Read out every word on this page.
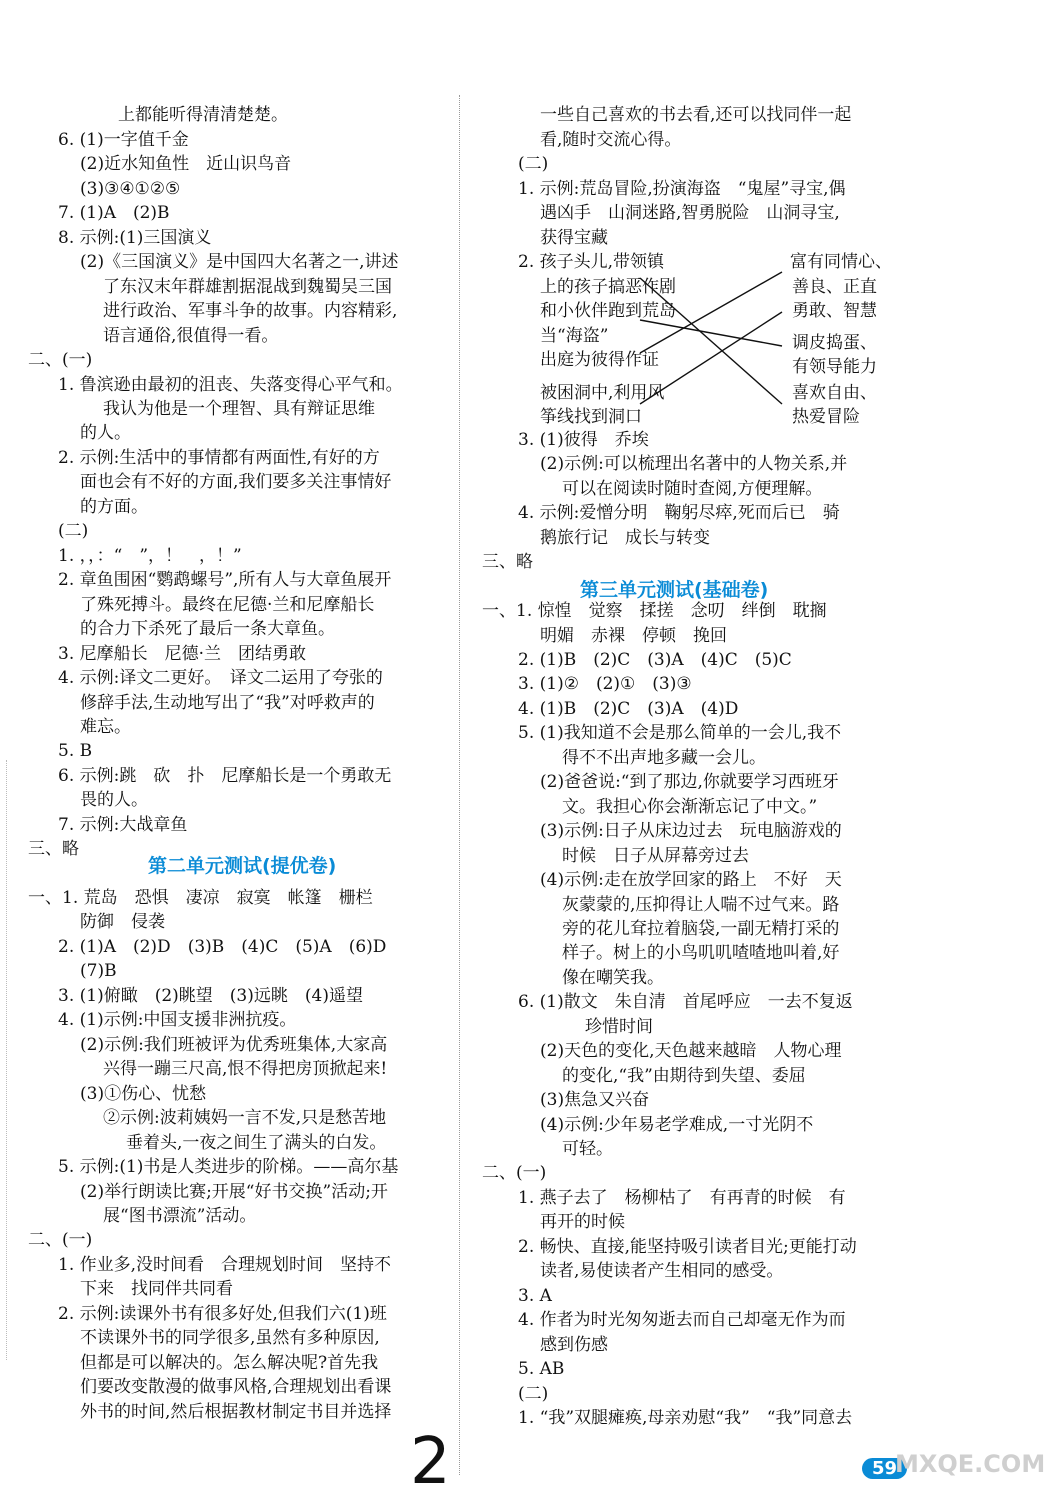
第二单元测试(提优卷)
上都能听得清清楚楚。
6. (1)一字值千金
(2)近水知鱼性　近山识鸟音
(3)③④①②⑤
7. (1)A　(2)B
8. 示例:(1)三国演义
(2)《三国演义》是中国四大名著之一,讲述
了东汉末年群雄割据混战到魏蜀吴三国
进行政治、军事斗争的故事。内容精彩,
语言通俗,很值得一看。
二、(一)
1. 鲁滨逊由最初的沮丧、失落变得心平气和。
我认为他是一个理智、具有辩证思维
的人。
2. 示例:生活中的事情都有两面性,有好的方
面也会有不好的方面,我们要多关注事情好
的方面。
(二)
1. ，，：“　”，！　，！”
2. 章鱼围困“鹦鹉螺号”,所有人与大章鱼展开
了殊死搏斗。最终在尼德·兰和尼摩船长
的合力下杀死了最后一条大章鱼。
3. 尼摩船长　尼德·兰　团结勇敢
4. 示例:译文二更好。　译文二运用了夸张的
修辞手法,生动地写出了“我”对呼救声的
难忘。
5. B
6. 示例:跳　砍　扑　尼摩船长是一个勇敢无
畏的人。
7. 示例:大战章鱼
三、略
一、1. 荒岛　恐惧　凄凉　寂寞　帐篷　栅栏
防御　侵袭
2. (1)A　(2)D　(3)B　(4)C　(5)A　(6)D
(7)B
3. (1)俯瞰　(2)眺望　(3)远眺　(4)遥望
4. (1)示例:中国支援非洲抗疫。
(2)示例:我们班被评为优秀班集体,大家高
兴得一蹦三尺高,恨不得把房顶掀起来!
(3)①伤心、忧愁
②示例:波莉姨妈一言不发,只是愁苦地
垂着头,一夜之间生了满头的白发。
5. 示例:(1)书是人类进步的阶梯。——高尔基
(2)举行朗读比赛;开展“好书交换”活动;开
展“图书漂流”活动。
二、(一)
1. 作业多,没时间看　合理规划时间　坚持不
下来　找同伴共同看
2. 示例:读课外书有很多好处,但我们六(1)班
不读课外书的同学很多,虽然有多种原因,
但都是可以解决的。怎么解决呢?首先我
们要改变散漫的做事风格,合理规划出看课
外书的时间,然后根据教材制定书目并选择
第三单元测试(基础卷)
一些自己喜欢的书去看,还可以找同伴一起
看,随时交流心得。
(二)
1. 示例:荒岛冒险,扮演海盗　“鬼屋”寻宝,偶
遇凶手　山洞迷路,智勇脱险　山洞寻宝,
获得宝藏
2. 孩子头儿,带领镇
上的孩子搞恶作剧
和小伙伴跑到荒岛
当“海盗”
出庭为彼得作证
被困洞中,利用风
筝线找到洞口
富有同情心、
善良、正直
勇敢、智慧
调皮捣蛋、
有领导能力
喜欢自由、
热爱冒险
3. (1)彼得　乔埃
(2)示例:可以梳理出名著中的人物关系,并
可以在阅读时随时查阅,方便理解。
4. 示例:爱憎分明　鞠躬尽瘁,死而后已　骑
鹅旅行记　成长与转变
三、略
一、1. 惊惶　觉察　揉搓　念叨　绊倒　耽搁
明媚　赤裸　停顿　挽回
2. (1)B　(2)C　(3)A　(4)C　(5)C
3. (1)②　(2)①　(3)③
4. (1)B　(2)C　(3)A　(4)D
5. (1)我知道不会是那么简单的一会儿,我不
得不不出声地多藏一会儿。
(2)爸爸说:“到了那边,你就要学习西班牙
文。我担心你会渐渐忘记了中文。”
(3)示例:日子从床边过去　玩电脑游戏的
时候　日子从屏幕旁过去
(4)示例:走在放学回家的路上　不好　天
灰蒙蒙的,压抑得让人喘不过气来。路
旁的花儿耷拉着脑袋,一副无精打采的
样子。树上的小鸟叽叽喳喳地叫着,好
像在嘲笑我。
6. (1)散文　朱自清　首尾呼应　一去不复返
珍惜时间
(2)天色的变化,天色越来越暗　人物心理
的变化,“我”由期待到失望、委屈
(3)焦急又兴奋
(4)示例:少年易老学难成,一寸光阴不
可轻。
二、(一)
1. 燕子去了　杨柳枯了　有再青的时候　有
再开的时候
2. 畅快、直接,能坚持吸引读者目光;更能打动
读者,易使读者产生相同的感受。
3. A
4. 作者为时光匆匆逝去而自己却毫无作为而
感到伤感
5. AB
(二)
1. “我”双腿瘫痪,母亲劝慰“我”　“我”同意去
2	59
MXQE.COM
